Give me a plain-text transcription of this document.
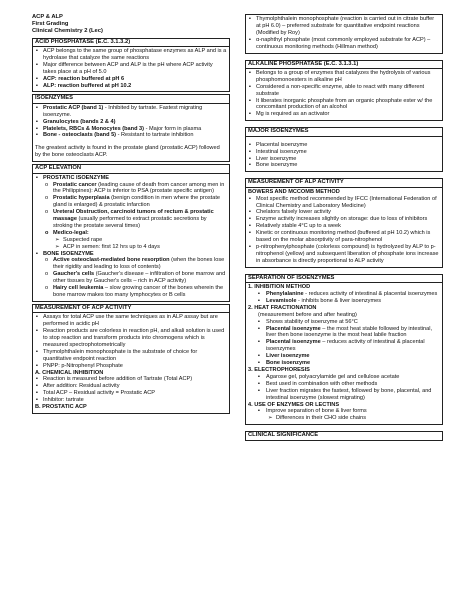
ACP & ALP
First Grading
Clinical Chemistry 2 (Lec)
ACID PHOSPHATASE (E.C. 3.1.3.2)
▪ ACP belongs to the same group of phosphatase enzymes as ALP and is a hydrolase that catalyze the same reactions
▪ Major difference between ACP and ALP is the pH where ACP activity takes place at a pH of 5.0
▪ ACP: reaction buffered at pH 6
▪ ALP: reaction buffered at pH 10.2
ISOENZYMES
▪ Prostatic ACP (band 1) - Inhibited by tartrate. Fastest migrating isoenzyme.
▪ Granulocytes (bands 2 & 4)
▪ Platelets, RBCs & Monocytes (band 3) - Major form in plasma
▪ Bone - osteoclasts (band 5) - Resistant to tartrate inhibition
The greatest activity is found in the prostate gland (prostatic ACP) followed by the bone osteoclasts ACP.
ACP ELEVATION
▪ PROSTATIC ISOENZYME
o Prostatic cancer (leading cause of death from cancer among men in the Philippines): ACP is inferior to PSA (prostate specific antigen)
o Prostatic hyperplasia (benign condition in men where the prostate gland is enlarged) & prostatic infarction
o Ureteral Obstruction, carcinoid tumors of rectum & prostatic massage (usually performed to extract prostatic secretions by stroking the prostate several times)
o Medico-legal:
➢ Suspected rape
➢ ACP in semen: first 12 hrs up to 4 days
▪ BONE ISOENZYME
o Active osteoclast-mediated bone resorption (when the bones lose their rigidity and leading to loss of contents)
o Gaucher's cells (Gaucher's disease – infiltration of bone marrow and other tissues by Gaucher's cells – rich in ACP activity)
o Hairy cell leukemia – slow growing cancer of the bones wherein the bone marrow makes too many lymphocytes or B cells
MEASUREMENT OF ACP ACTIVITY
▪ Assays for total ACP use the same techniques as in ALP assay but are performed in acidic pH
▪ Reaction products are colorless in reaction pH, and alkali solution is used to stop reaction and transform products into chromogens which is measured spectrophotometrically
▪ Thymolphthalein monophosphate is the substrate of choice for quantitative endpoint reaction
▪ PNPP: p-Nitrophenyl Phosphate
A. CHEMICAL INHIBITION
▪ Reaction is measured before addition of Tartrate (Total ACP)
▪ After addition: Residual activity
▪ Total ACP – Residual activity = Prostatic ACP
▪ Inhibitor: tartrate
B. PROSTATIC ACP
▪ Thymolphthalein monophosphate (reaction is carried out in citrate buffer at pH 6.0) – preferred substrate for quantitative endpoint reactions (Modified by Roy)
▪ α-naphthyl phosphate (most commonly employed substrate for ACP) – continuous monitoring methods (Hillman method)
ALKALINE PHOSPHATASE (E.C. 3.1.3.1)
▪ Belongs to a group of enzymes that catalyzes the hydrolysis of various phosphomonoesters in alkaline pH
▪ Considered a non-specific enzyme, able to react with many different substrate
▪ It liberates inorganic phosphate from an organic phosphate ester w/ the concomitant production of an alcohol
▪ Mg is required as an activator
MAJOR ISOENZYMES
▪ Placental isoenzyme
▪ Intestinal isoenzyme
▪ Liver isoenzyme
▪ Bone isoenzyme
MEASUREMENT OF ALP ACTIVITY
BOWERS AND MCCOMB METHOD
▪ Most specific method recommended by IFCC (International Federation of Clinical Chemistry and Laboratory Medicine)
▪ Chelators falsely lower activity
▪ Enzyme activity increases slightly on storage: due to loss of inhibitors
▪ Relatively stable 4°C up to a week
▪ Kinetic or continuous monitoring method (buffered at pH 10.2) which is based on the molar absorptivity of para-nitrophenol
▪ p-nitrophenylphosphate (colorless compound) is hydrolyzed by ALP to p-nitrophenol (yellow) and subsequent liberation of phosphate ions increase in absorbance is directly proportional to ALP activity
SEPARATION OF ISOENZYMES
1. INHIBITION METHOD
▪ Phenylalanine - reduces activity of intestinal & placental isoenzymes
▪ Levamisole - inhibits bone & liver isoenzymes
2. HEAT FRACTIONATION
(measurement before and after heating)
▪ Shows stability of isoenzyme at 56°C
▪ Placental isoenzyme – the most heat stable followed by intestinal, liver then bone isoenzyme is the most heat labile fraction
▪ Placental isoenzyme – reduces activity of intestinal & placental isoenzymes
▪ Liver isoenzyme
▪ Bone isoenzyme
3. ELECTROPHORESIS
▪ Agarose gel, polyacrylamide gel and cellulose acetate
▪ Best used in combination with other methods
▪ Liver fraction migrates the fastest, followed by bone, placental, and intestinal isoenzyme (slowest migrating)
4. USE OF ENZYMES OR LECTINS
▪ Improve separation of bone & liver forms
➢ Differences in their CHO side chains
CLINICAL SIGNIFICANCE
